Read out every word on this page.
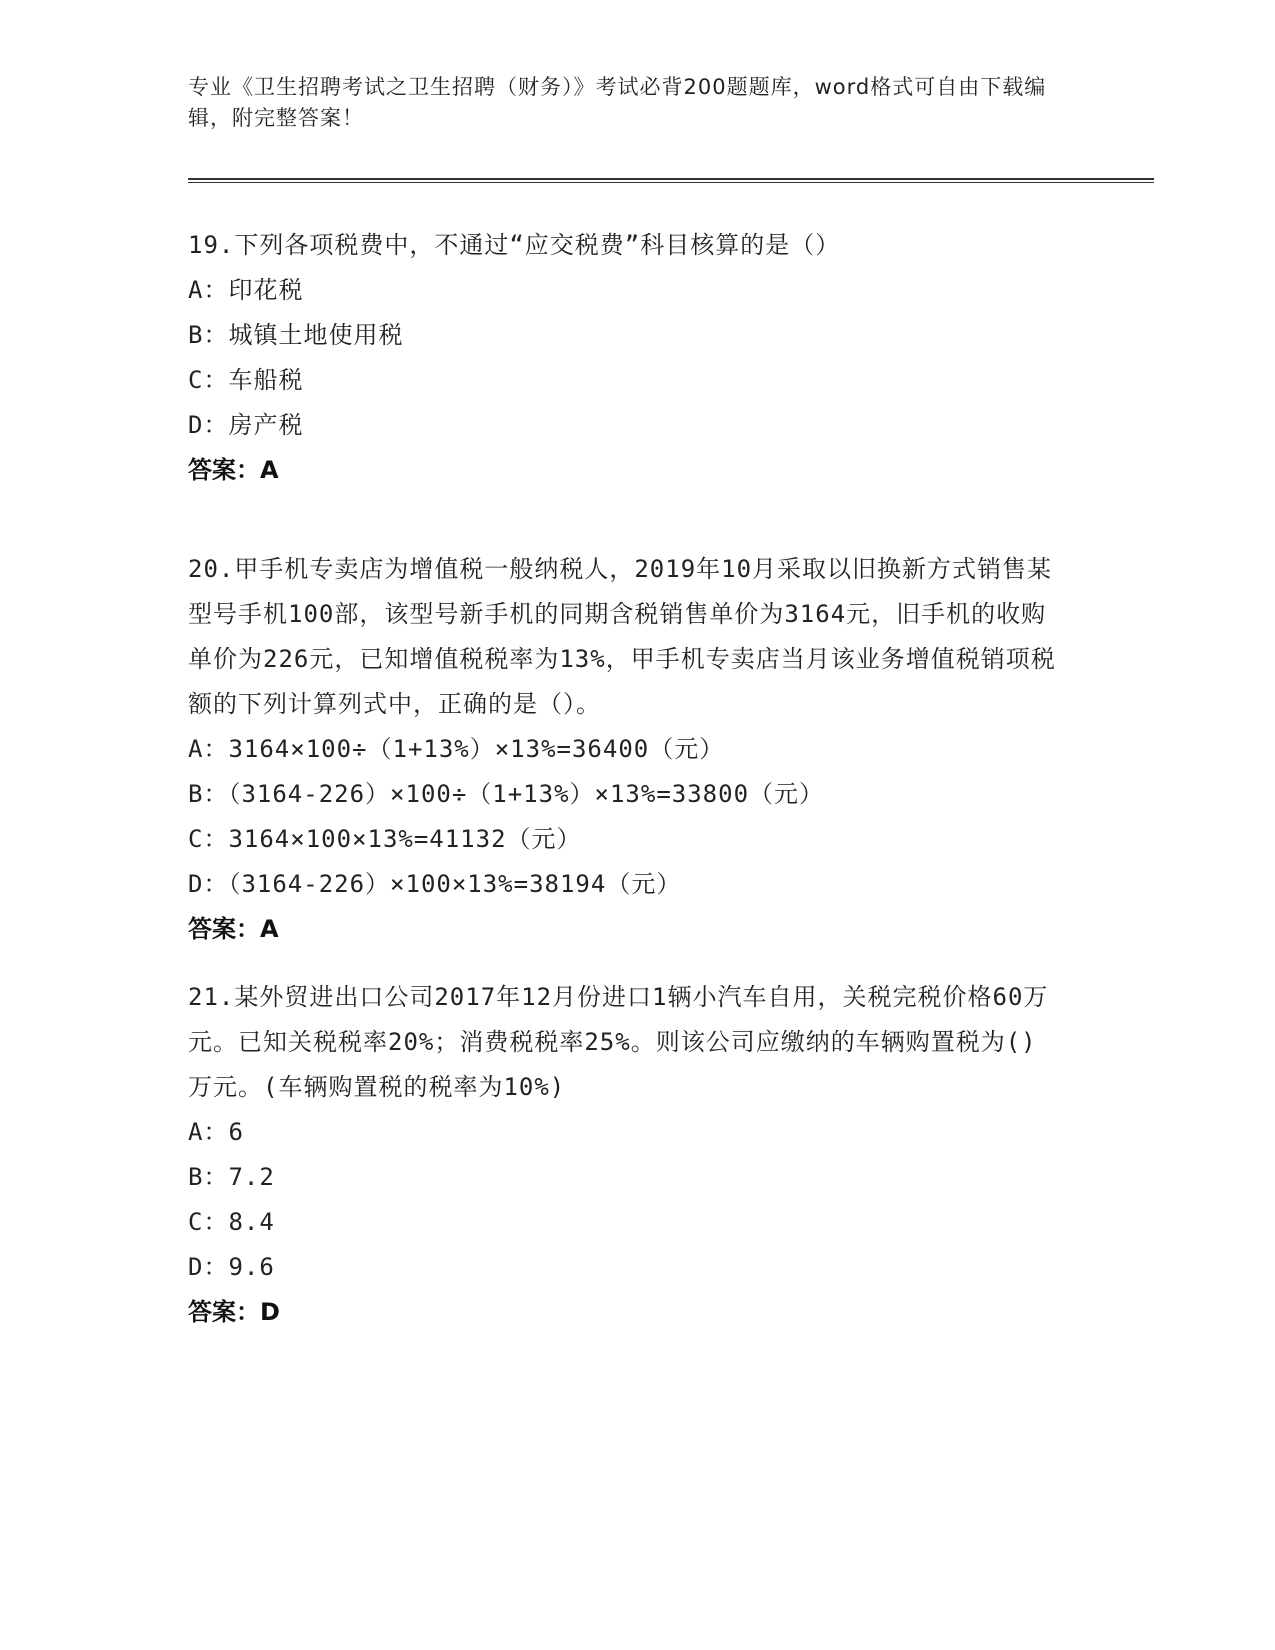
专业《卫生招聘考试之卫生招聘（财务）》考试必背200题题库，word格式可自由下载编辑，附完整答案！

19.下列各项税费中，不通过“应交税费”科目核算的是（）

A：印花税

B：城镇土地使用税

C：车船税

D：房产税

答案：A

20.甲手机专卖店为增值税一般纳税人，2019年10月采取以旧换新方式销售某型号手机100部，该型号新手机的同期含税销售单价为3164元，旧手机的收购单价为226元，已知增值税税率为13%，甲手机专卖店当月该业务增值税销项税额的下列计算列式中，正确的是（）。

A：3164×100÷（1+13%）×13%=36400（元）

B：（3164-226）×100÷（1+13%）×13%=33800（元）

C：3164×100×13%=41132（元）

D：（3164-226）×100×13%=38194（元）

答案：A

21.某外贸进出口公司2017年12月份进口1辆小汽车自用，关税完税价格60万元。已知关税税率20%；消费税税率25%。则该公司应缴纳的车辆购置税为()万元。(车辆购置税的税率为10%)

A：6

B：7.2

C：8.4

D：9.6

答案：D
